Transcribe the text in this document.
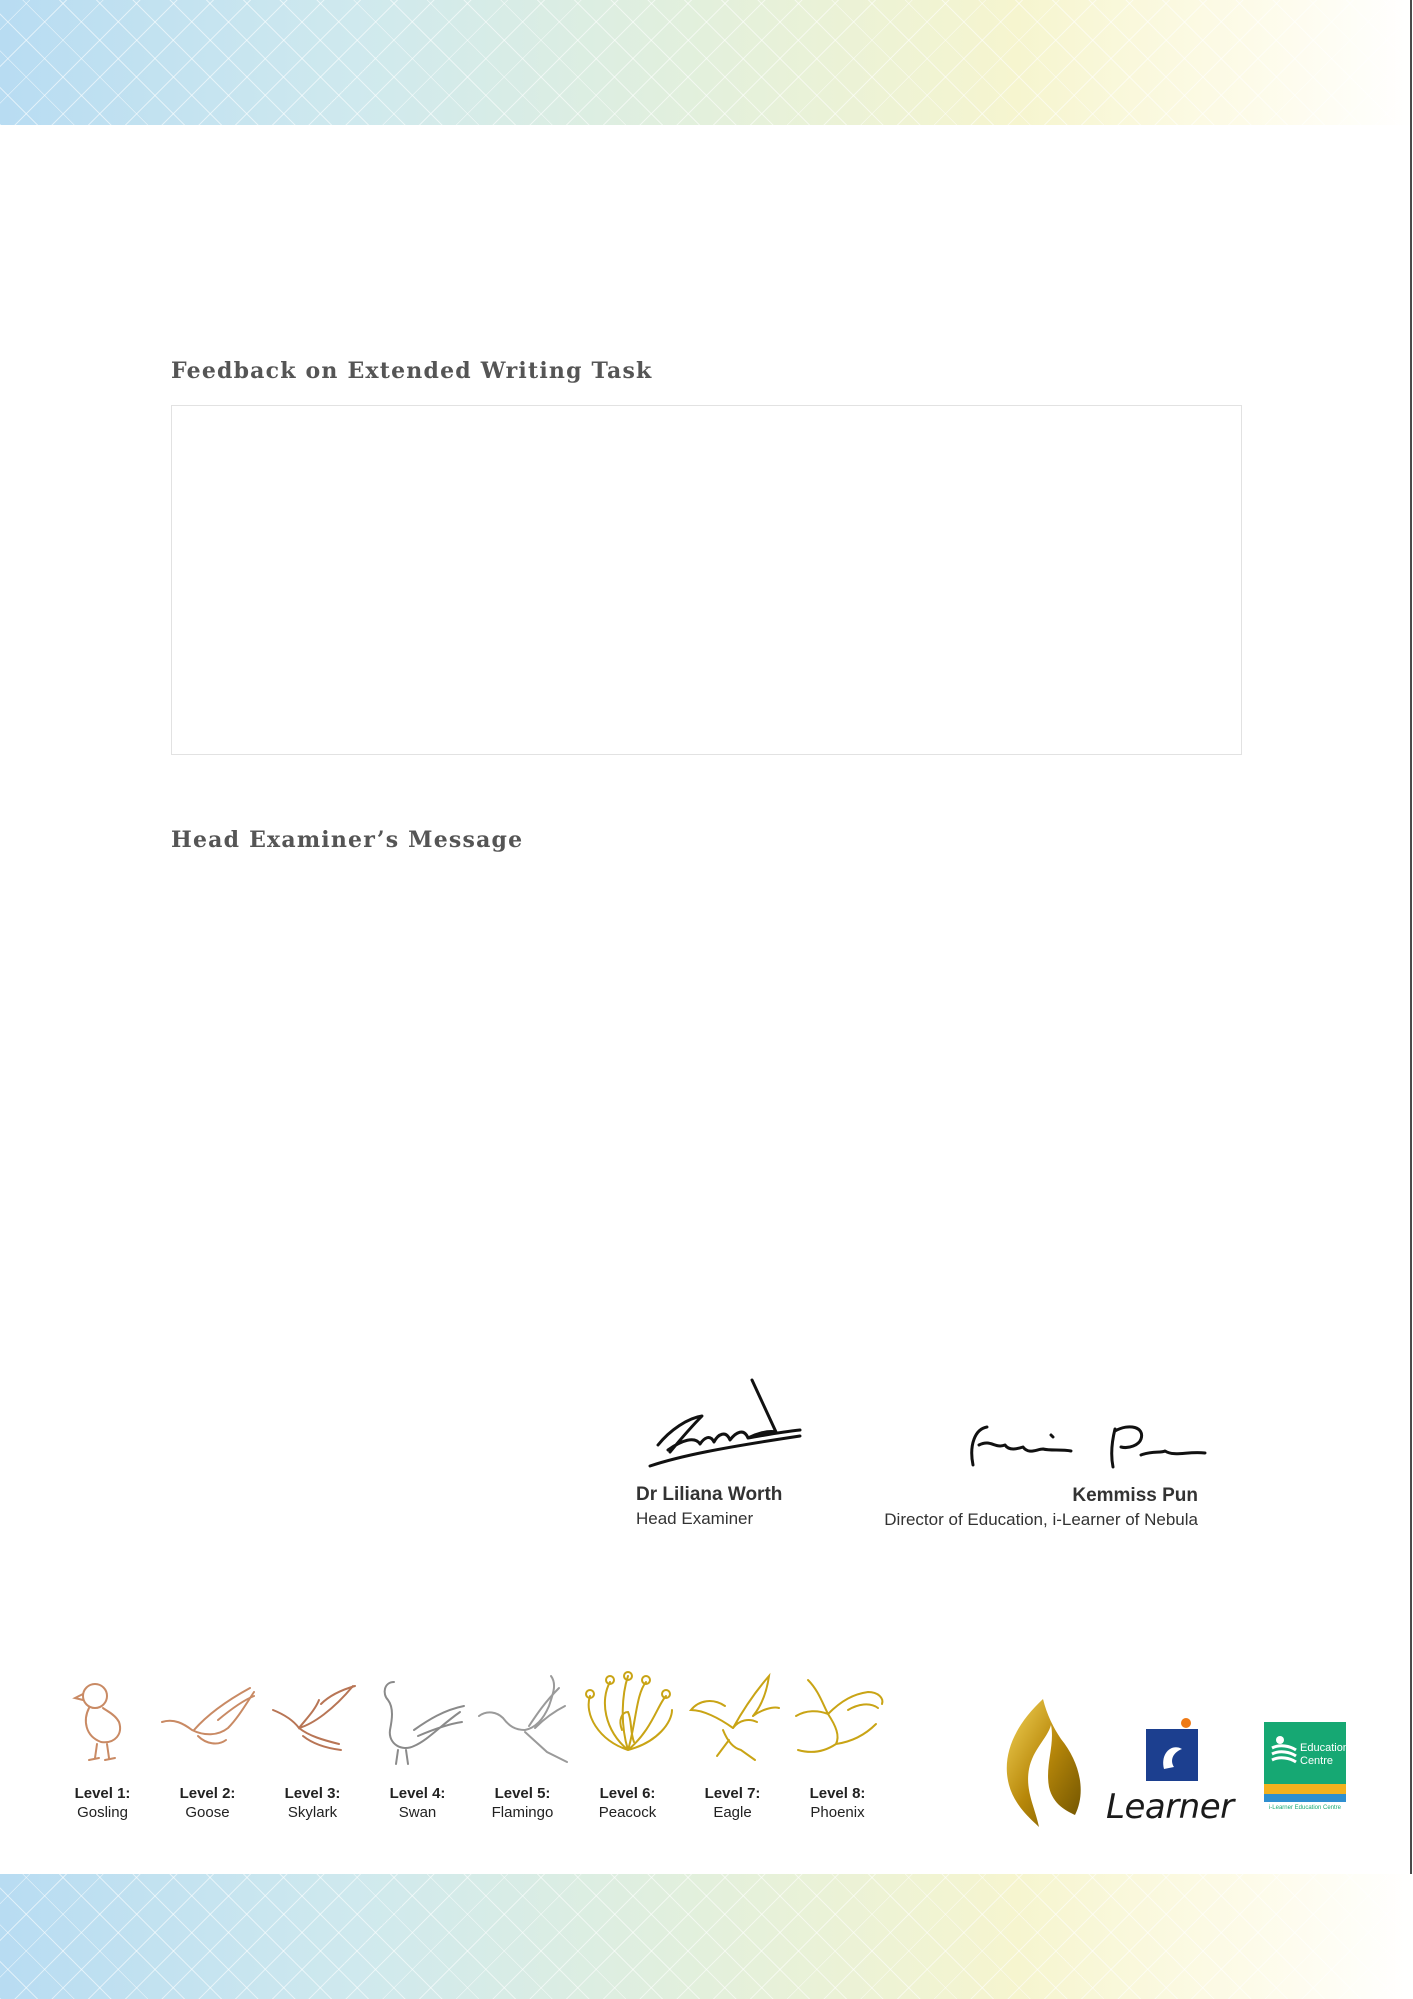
Feedback on Extended Writing Task
Head Examiner’s Message

Dr Liliana Worth

Head Examiner

Kemmiss Pun

Director of Education, i-Learner of Nebula

Level 1:
Gosling
Level 2:
Goose
Level 3:
Skylark
Level 4:
Swan
Level 5:
Flamingo
Level 6:
Peacock
Level 7:
Eagle
Level 8:
Phoenix	Learner

Education
Centre

i-Learner Education Centre
